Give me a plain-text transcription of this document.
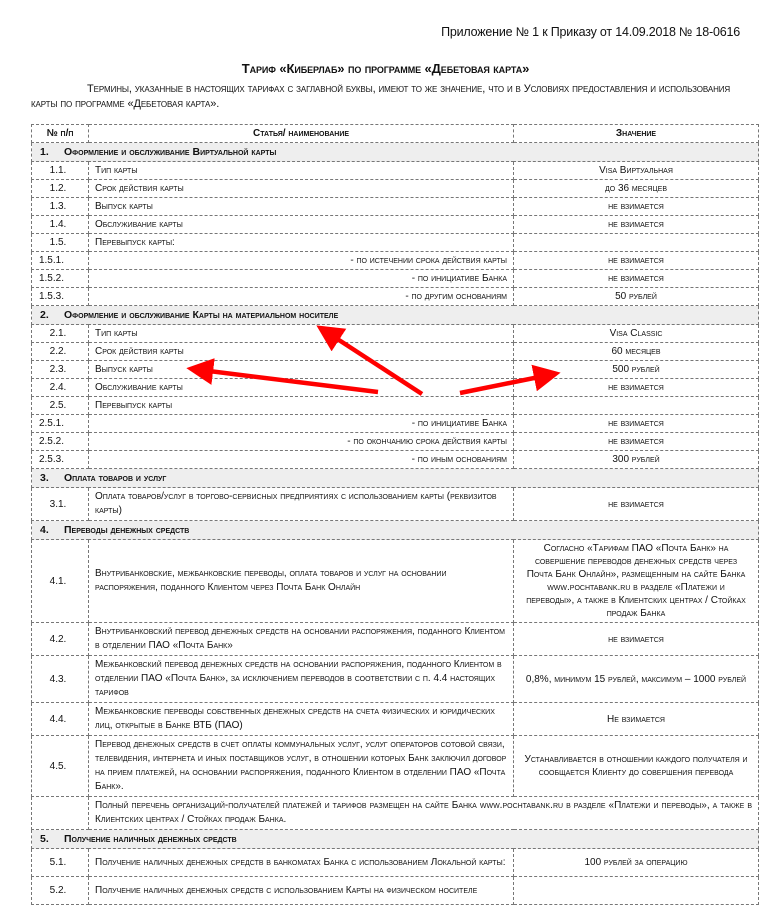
Приложение № 1 к Приказу от 14.09.2018 № 18-0616
Тариф «Киберлаб» по программе «Дебетовая карта»
Термины, указанные в настоящих тарифах с заглавной буквы, имеют то же значение, что и в Условиях предоставления и использования карты по программе «Дебетовая карта».
№ п/п	Статья/ наименование	Значение
1. Оформление и обслуживание Виртуальной карты		
1.1.	Тип карты	Visa Виртуальная
1.2.	Срок действия карты	до 36 месяцев
1.3.	Выпуск карты	не взимается
1.4.	Обслуживание карты	не взимается
1.5.	Перевыпуск карты:	
1.5.1.	- по истечении срока действия карты	не взимается
1.5.2.	- по инициативе Банка	не взимается
1.5.3.	- по другим основаниям	50 рублей
2. Оформление и обслуживание Карты на материальном носителе		
2.1.	Тип карты	Visa Classic
2.2.	Срок действия карты	60 месяцев
2.3.	Выпуск карты	500 рублей
2.4.	Обслуживание карты	не взимается
2.5.	Перевыпуск карты	
2.5.1.	- по инициативе Банка	не взимается
2.5.2.	- по окончанию срока действия карты	не взимается
2.5.3.	- по иным основаниям	300 рублей
3. Оплата товаров и услуг		
3.1.	Оплата товаров/услуг в торгово-сервисных предприятиях с использованием карты (реквизитов карты)	не взимается
4. Переводы денежных средств		
4.1.	Внутрибанковские, межбанковские переводы, оплата товаров и услуг на основании распоряжения, поданного Клиентом через Почта Банк Онлайн	Согласно «Тарифам ПАО «Почта Банк» на совершение переводов денежных средств через Почта Банк Онлайн», размещенным на сайте Банка www.pochtabank.ru в разделе «Платежи и переводы», а также в Клиентских центрах / Стойках продаж Банка
4.2.	Внутрибанковский перевод денежных средств на основании распоряжения, поданного Клиентом в отделении ПАО «Почта Банк»	не взимается
4.3.	Межбанковский перевод денежных средств на основании распоряжения, поданного Клиентом в отделении ПАО «Почта Банк», за исключением переводов в соответствии с п. 4.4 настоящих тарифов	0,8%, минимум 15 рублей, максимум – 1000 рублей
4.4.	Межбанковские переводы собственных денежных средств на счета физических и юридических лиц, открытые в Банке ВТБ (ПАО)	Не взимается
4.5.	Перевод денежных средств в счет оплаты коммунальных услуг, услуг операторов сотовой связи, телевидения, интернета и иных поставщиков услуг, в отношении которых Банк заключил договор на прием платежей, на основании распоряжения, поданного Клиентом в отделении ПАО «Почта Банк».	Устанавливается в отношении каждого получателя и сообщается Клиенту до совершения перевода
	Полный перечень организаций-получателей платежей и тарифов размещен на сайте Банка www.pochtabank.ru в разделе «Платежи и переводы», а также в Клиентских центрах / Стойках продаж Банка.	
5. Получение наличных денежных средств		
5.1.	Получение наличных денежных средств в банкоматах Банка с использованием Локальной карты:	100 рублей за операцию
5.2.	Получение наличных денежных средств с использованием Карты на физическом носителе	
